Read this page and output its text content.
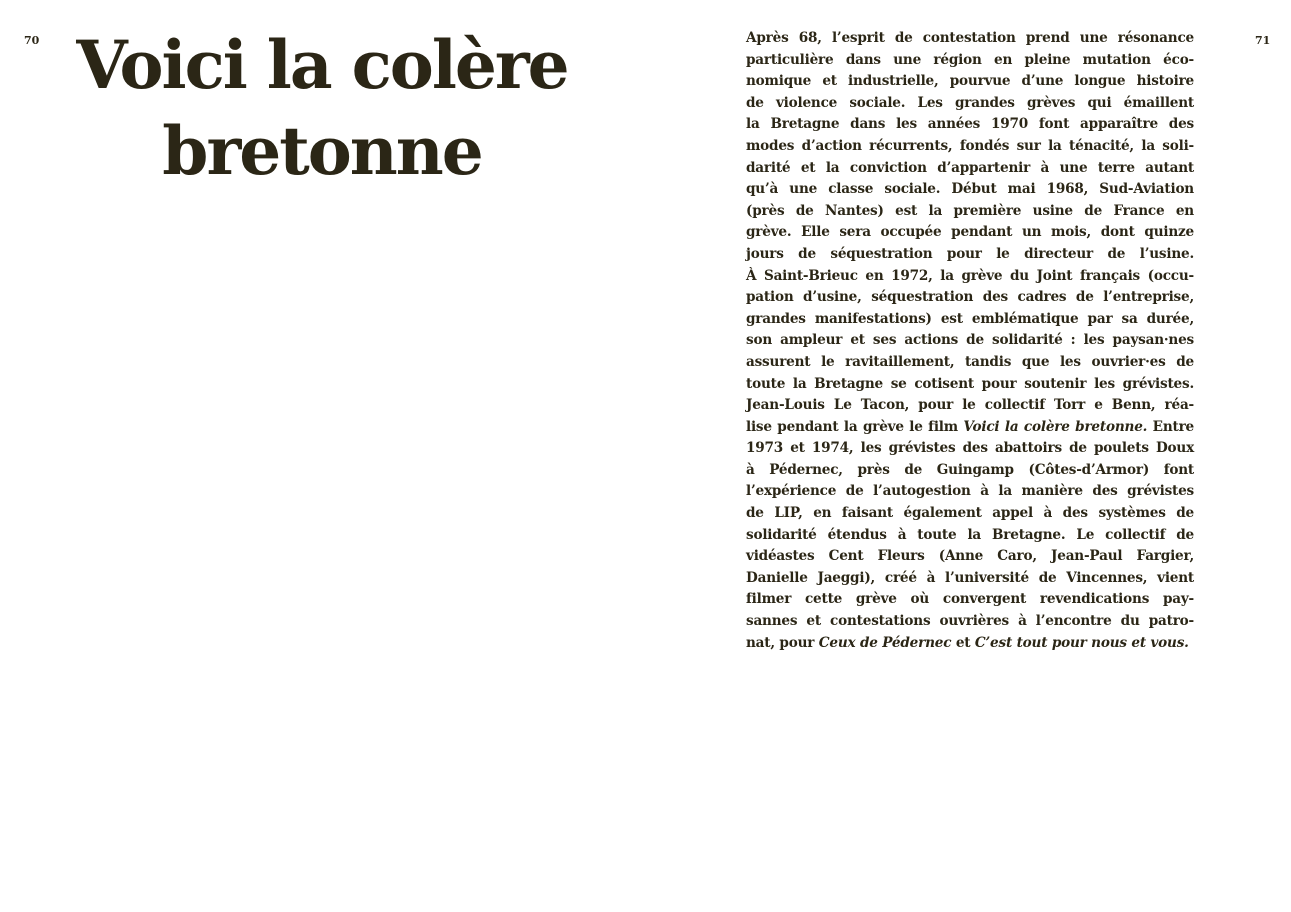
70 Voici la colère
bretonne
71
Après 68, l’esprit de contestation prend une résonance
particulière dans une région en pleine mutation éco-
nomique et industrielle, pourvue d’une longue histoire
de violence sociale. Les grandes grèves qui émaillent
la Bretagne dans les années 1970 font apparaître des
modes d’action récurrents, fondés sur la ténacité, la soli-
darité et la conviction d’appartenir à une terre autant
qu’à une classe sociale. Début mai 1968, Sud-Aviation
(près de Nantes) est la première usine de France en
grève. Elle sera occupée pendant un mois, dont quinze
jours de séquestration pour le directeur de l’usine.
À Saint-Brieuc en 1972, la grève du Joint français (occu-
pation d’usine, séquestration des cadres de l’entreprise,
grandes manifestations) est emblématique par sa durée,
son ampleur et ses actions de solidarité : les paysan·nes
assurent le ravitaillement, tandis que les ouvrier·es de
toute la Bretagne se cotisent pour soutenir les grévistes.
Jean-Louis Le Tacon, pour le collectif Torr e Benn, réa-
lise pendant la grève le film Voici la colère bretonne. Entre
1973 et 1974, les grévistes des abattoirs de poulets Doux
à Pédernec, près de Guingamp (Côtes-d’Armor) font
l’expérience de l’autogestion à la manière des grévistes
de LIP, en faisant également appel à des systèmes de
solidarité étendus à toute la Bretagne. Le collectif de
vidéastes Cent Fleurs (Anne Caro, Jean-Paul Fargier,
Danielle Jaeggi), créé à l’université de Vincennes, vient
filmer cette grève où convergent revendications pay-
sannes et contestations ouvrières à l’encontre du patro-
nat, pour Ceux de Pédernec et C’est tout pour nous et vous.
